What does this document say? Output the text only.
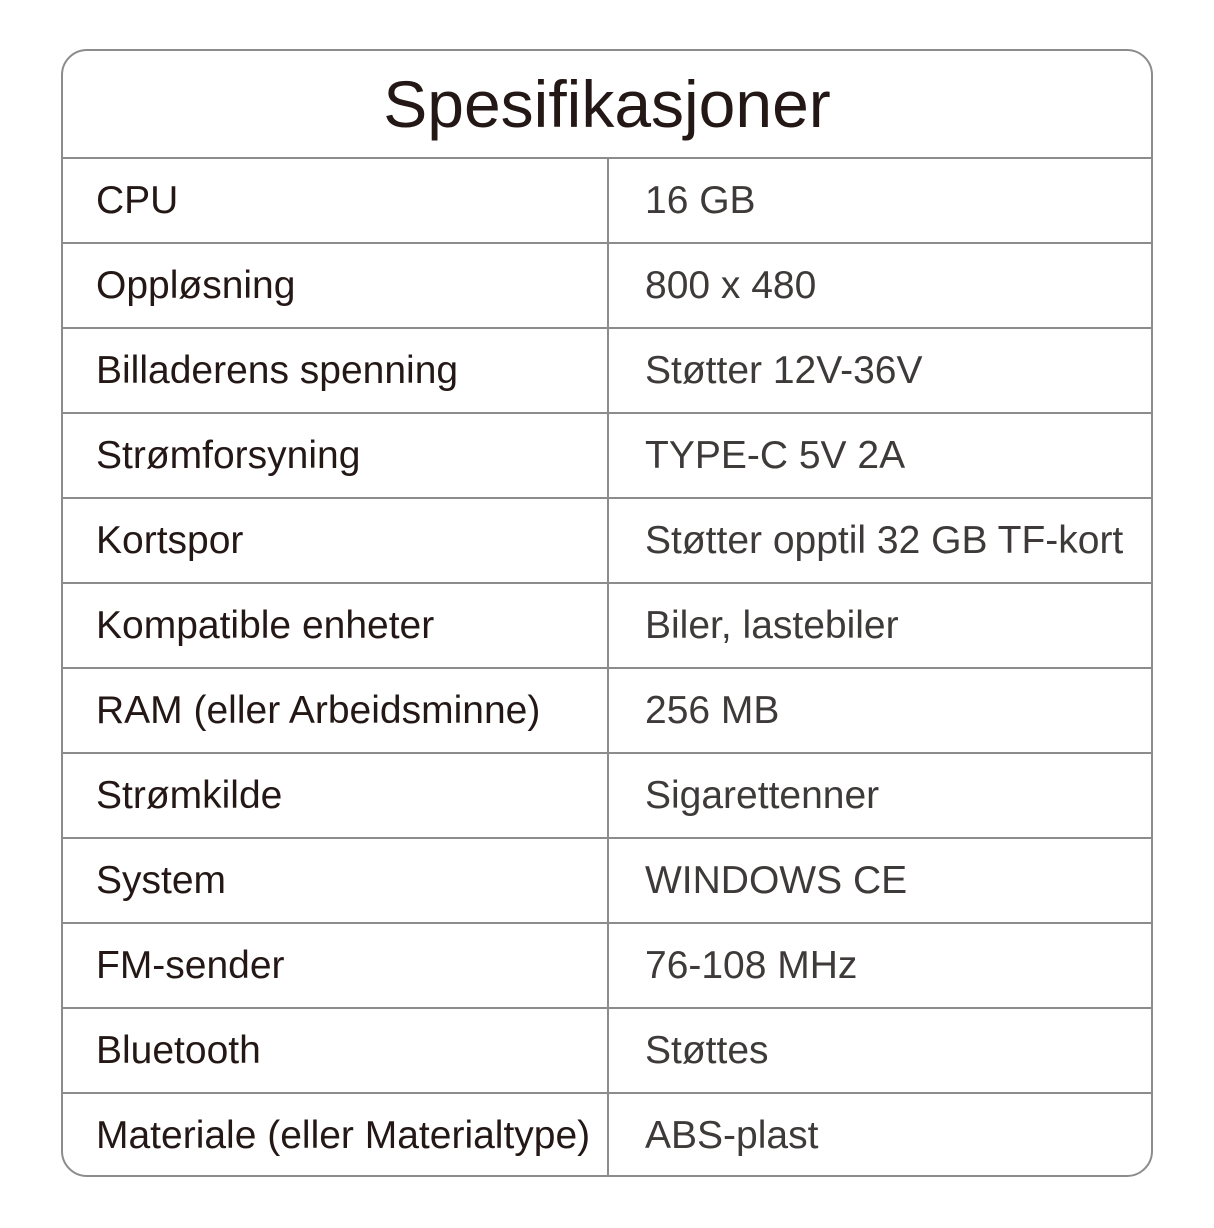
Spesifikasjoner
CPU	16 GB
Oppløsning	800 x 480
Billaderens spenning	Støtter 12V-36V
Strømforsyning	TYPE-C 5V 2A
Kortspor	Støtter opptil 32 GB TF-kort
Kompatible enheter	Biler, lastebiler
RAM (eller Arbeidsminne)	256 MB
Strømkilde	Sigarettenner
System	WINDOWS CE
FM-sender	76-108 MHz
Bluetooth	Støttes
Materiale (eller Materialtype)	ABS-plast
